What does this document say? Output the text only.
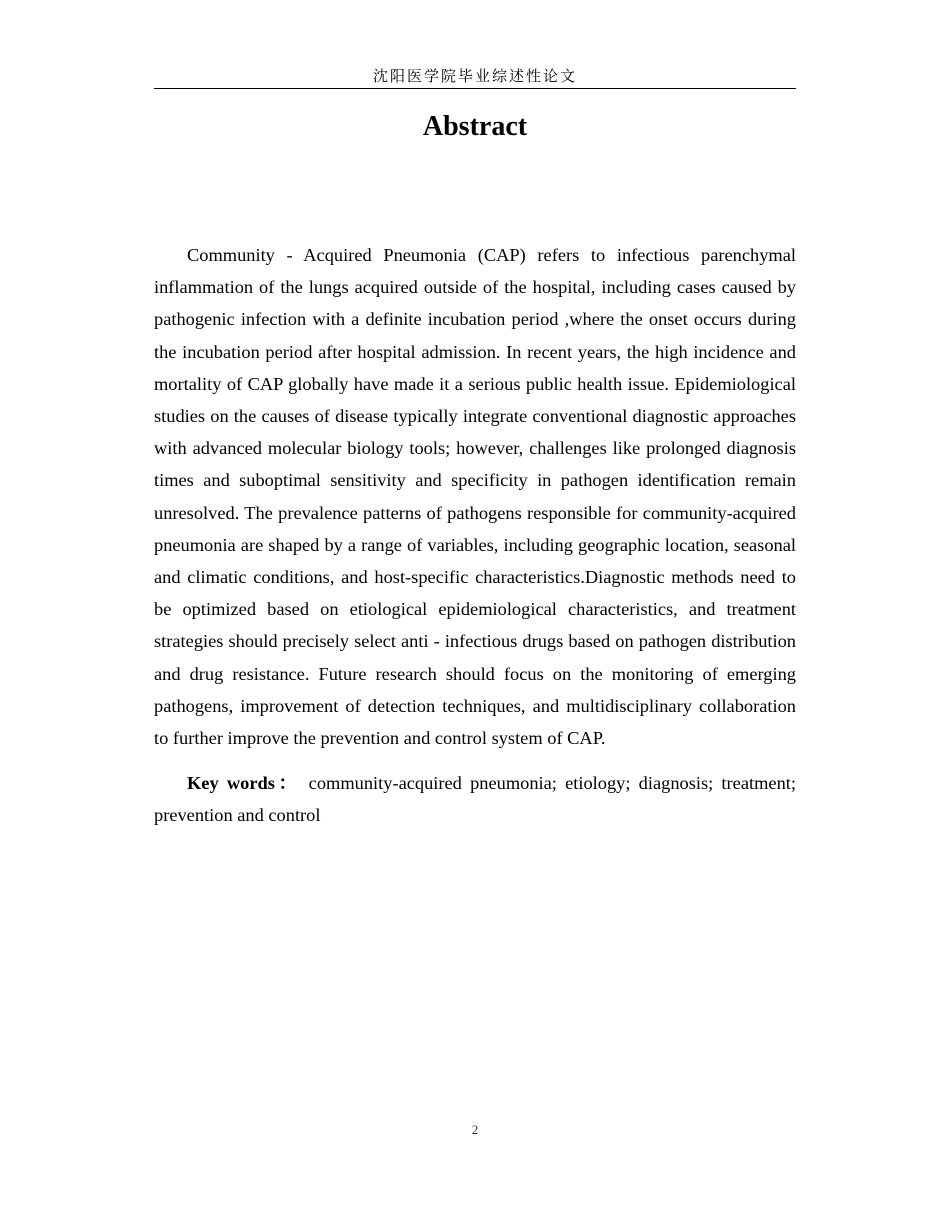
沈阳医学院毕业综述性论文
Abstract

Community - Acquired Pneumonia (CAP) refers to infectious parenchymal inflammation of the lungs acquired outside of the hospital, including cases caused by pathogenic infection with a definite incubation period ,where the onset occurs during the incubation period after hospital admission. In recent years, the high incidence and mortality of CAP globally have made it a serious public health issue. Epidemiological studies on the causes of disease typically integrate conventional diagnostic approaches with advanced molecular biology tools; however, challenges like prolonged diagnosis times and suboptimal sensitivity and specificity in pathogen identification remain unresolved. The prevalence patterns of pathogens responsible for community-acquired pneumonia are shaped by a range of variables, including geographic location, seasonal and climatic conditions, and host-specific characteristics.Diagnostic methods need to be optimized based on etiological epidemiological characteristics, and treatment strategies should precisely select anti - infectious drugs based on pathogen distribution and drug resistance. Future research should focus on the monitoring of emerging pathogens, improvement of detection techniques, and multidisciplinary collaboration to further improve the prevention and control system of CAP.

Key words： community-acquired pneumonia; etiology; diagnosis; treatment; prevention and control

2
